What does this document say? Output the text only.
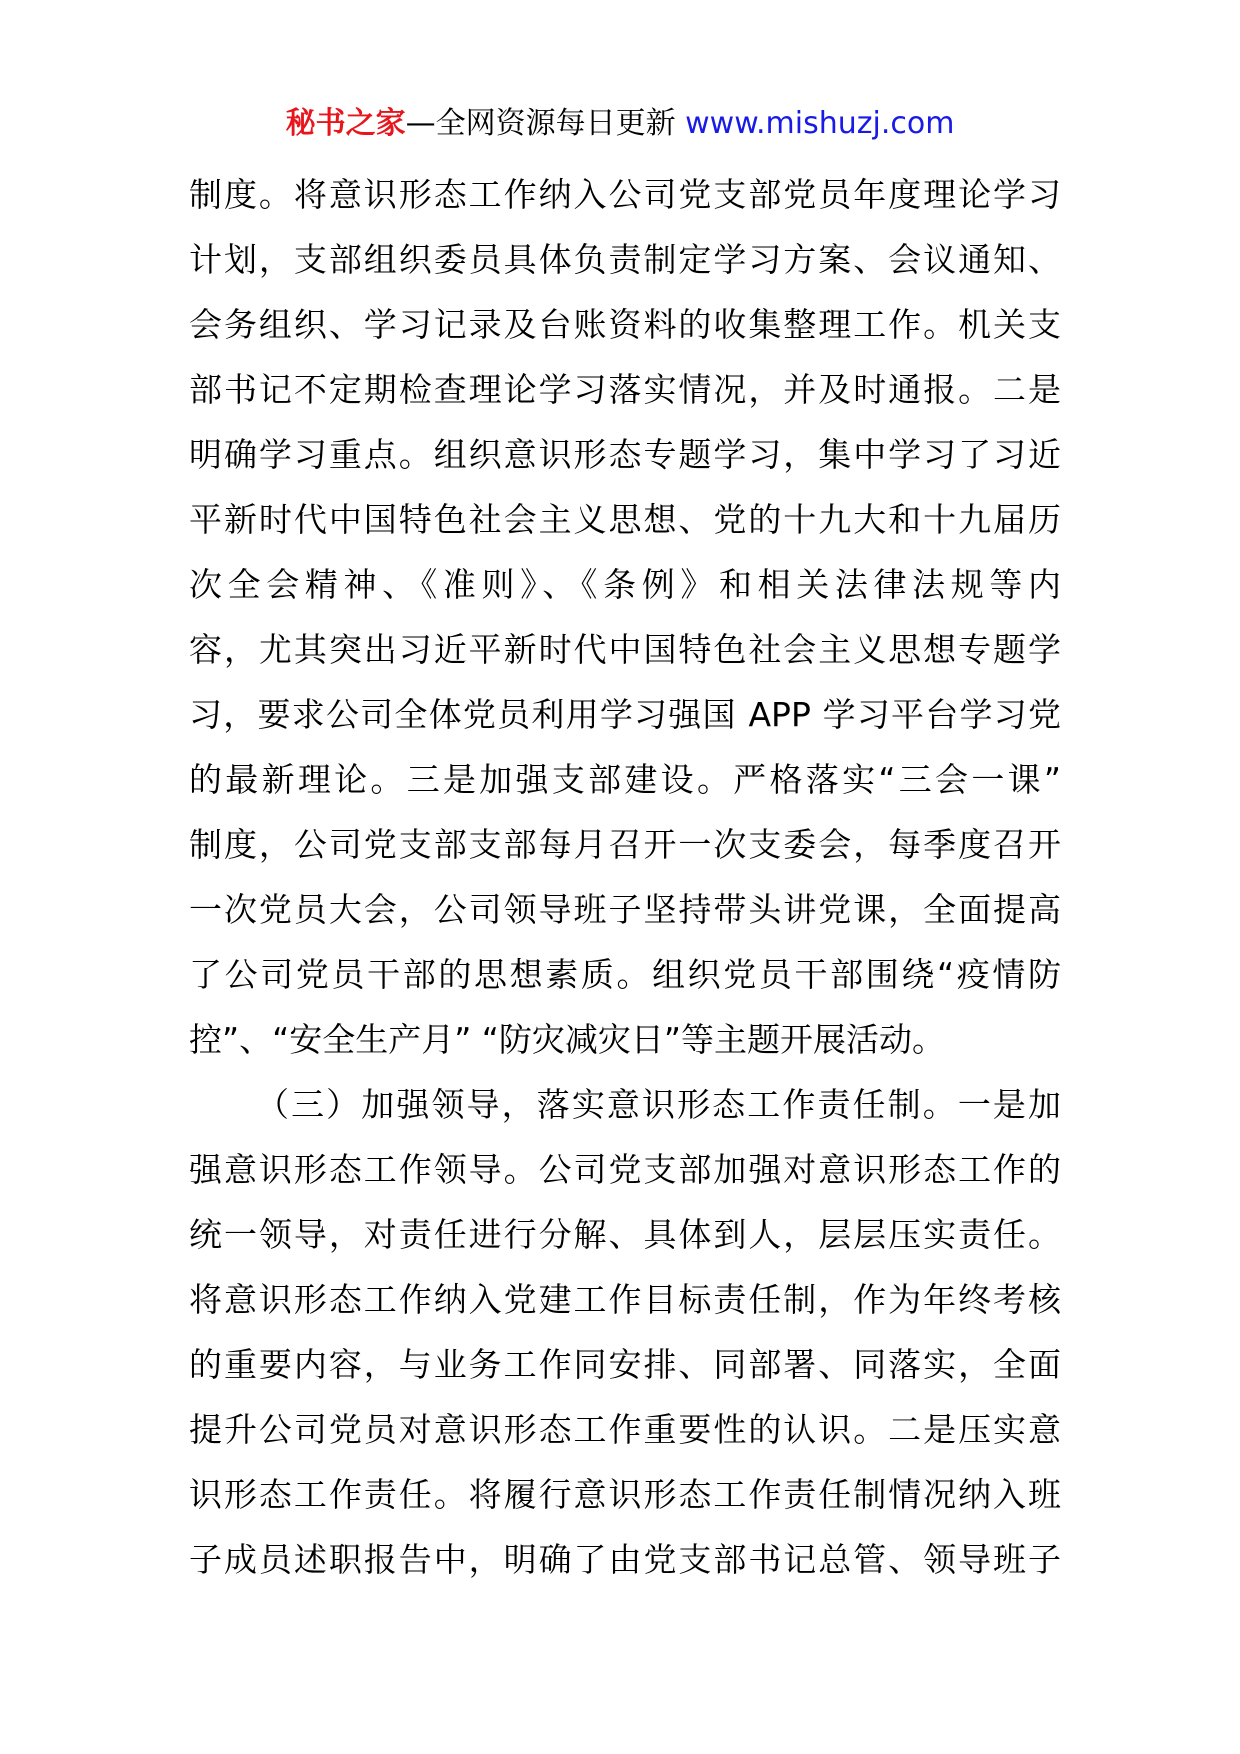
秘书之家—全网资源每日更新 www.mishuzj.com
制度。将意识形态工作纳入公司党支部党员年度理论学习
计划，支部组织委员具体负责制定学习方案、会议通知、
会务组织、学习记录及台账资料的收集整理工作。机关支
部书记不定期检查理论学习落实情况，并及时通报。二是
明确学习重点。组织意识形态专题学习，集中学习了习近
平新时代中国特色社会主义思想、党的十九大和十九届历
次全会精神、《准则》、《条例》和相关法律法规等内
容，尤其突出习近平新时代中国特色社会主义思想专题学
习，要求公司全体党员利用学习强国 APP 学习平台学习党
的最新理论。三是加强支部建设。严格落实“三会一课”
制度，公司党支部支部每月召开一次支委会，每季度召开
一次党员大会，公司领导班子坚持带头讲党课，全面提高
了公司党员干部的思想素质。组织党员干部围绕“疫情防
控”、“安全生产月” “防灾减灾日”等主题开展活动。
（三）加强领导，落实意识形态工作责任制。一是加
强意识形态工作领导。公司党支部加强对意识形态工作的
统一领导，对责任进行分解、具体到人，层层压实责任。
将意识形态工作纳入党建工作目标责任制，作为年终考核
的重要内容，与业务工作同安排、同部署、同落实，全面
提升公司党员对意识形态工作重要性的认识。二是压实意
识形态工作责任。将履行意识形态工作责任制情况纳入班
子成员述职报告中，明确了由党支部书记总管、领导班子
